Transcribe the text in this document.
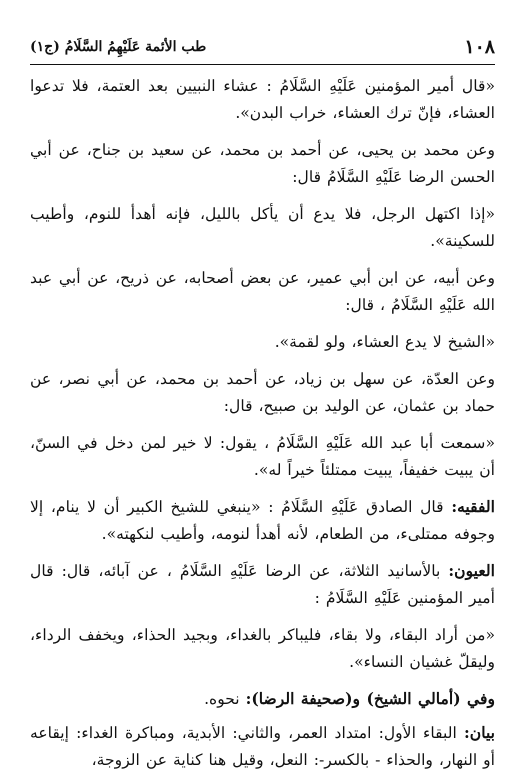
١٠٨
طب الأئمة عَلَيْهِمُ السَّلَامُ (ج١)

«قال أمير المؤمنين عَلَيْهِ السَّلَامُ : عشاء النبيين بعد العتمة، فلا تدعوا العشاء، فإنّ ترك العشاء، خراب البدن».

وعن محمد بن يحيى، عن أحمد بن محمد، عن سعيد بن جناح، عن أبي الحسن الرضا عَلَيْهِ السَّلَامُ قال:

«إذا اكتهل الرجل، فلا يدع أن يأكل بالليل، فإنه أهدأ للنوم، وأطيب للسكينة».

وعن أبيه، عن ابن أبي عمير، عن بعض أصحابه، عن ذريح، عن أبي عبد الله عَلَيْهِ السَّلَامُ ، قال:

«الشيخ لا يدع العشاء، ولو لقمة».

وعن العدّة، عن سهل بن زياد، عن أحمد بن محمد، عن أبي نصر، عن حماد بن عثمان، عن الوليد بن صبيح، قال:

«سمعت أبا عبد الله عَلَيْهِ السَّلَامُ ، يقول: لا خير لمن دخل في السنّ، أن يبيت خفيفاً، يبيت ممتلئاً خيراً له».

الفقيه: قال الصادق عَلَيْهِ السَّلَامُ : «ينبغي للشيخ الكبير أن لا ينام، إلا وجوفه ممتلىء، من الطعام، لأنه أهدأ لنومه، وأطيب لنكهته».

العيون: بالأسانيد الثلاثة، عن الرضا عَلَيْهِ السَّلَامُ ، عن آبائه، قال: قال أمير المؤمنين عَلَيْهِ السَّلَامُ :

«من أراد البقاء، ولا بقاء، فليباكر بالغداء، وبجيد الحذاء، ويخفف الرداء، وليقلّ غشيان النساء».

وفي (أمالي الشيخ) و(صحيفة الرضا): نحوه.

بيان: البقاء الأول: امتداد العمر، والثاني: الأبدية، ومباكرة الغداء: إيقاعه أو النهار، والحذاء - بالكسر-: النعل، وقيل هنا كناية عن الزوجة،
